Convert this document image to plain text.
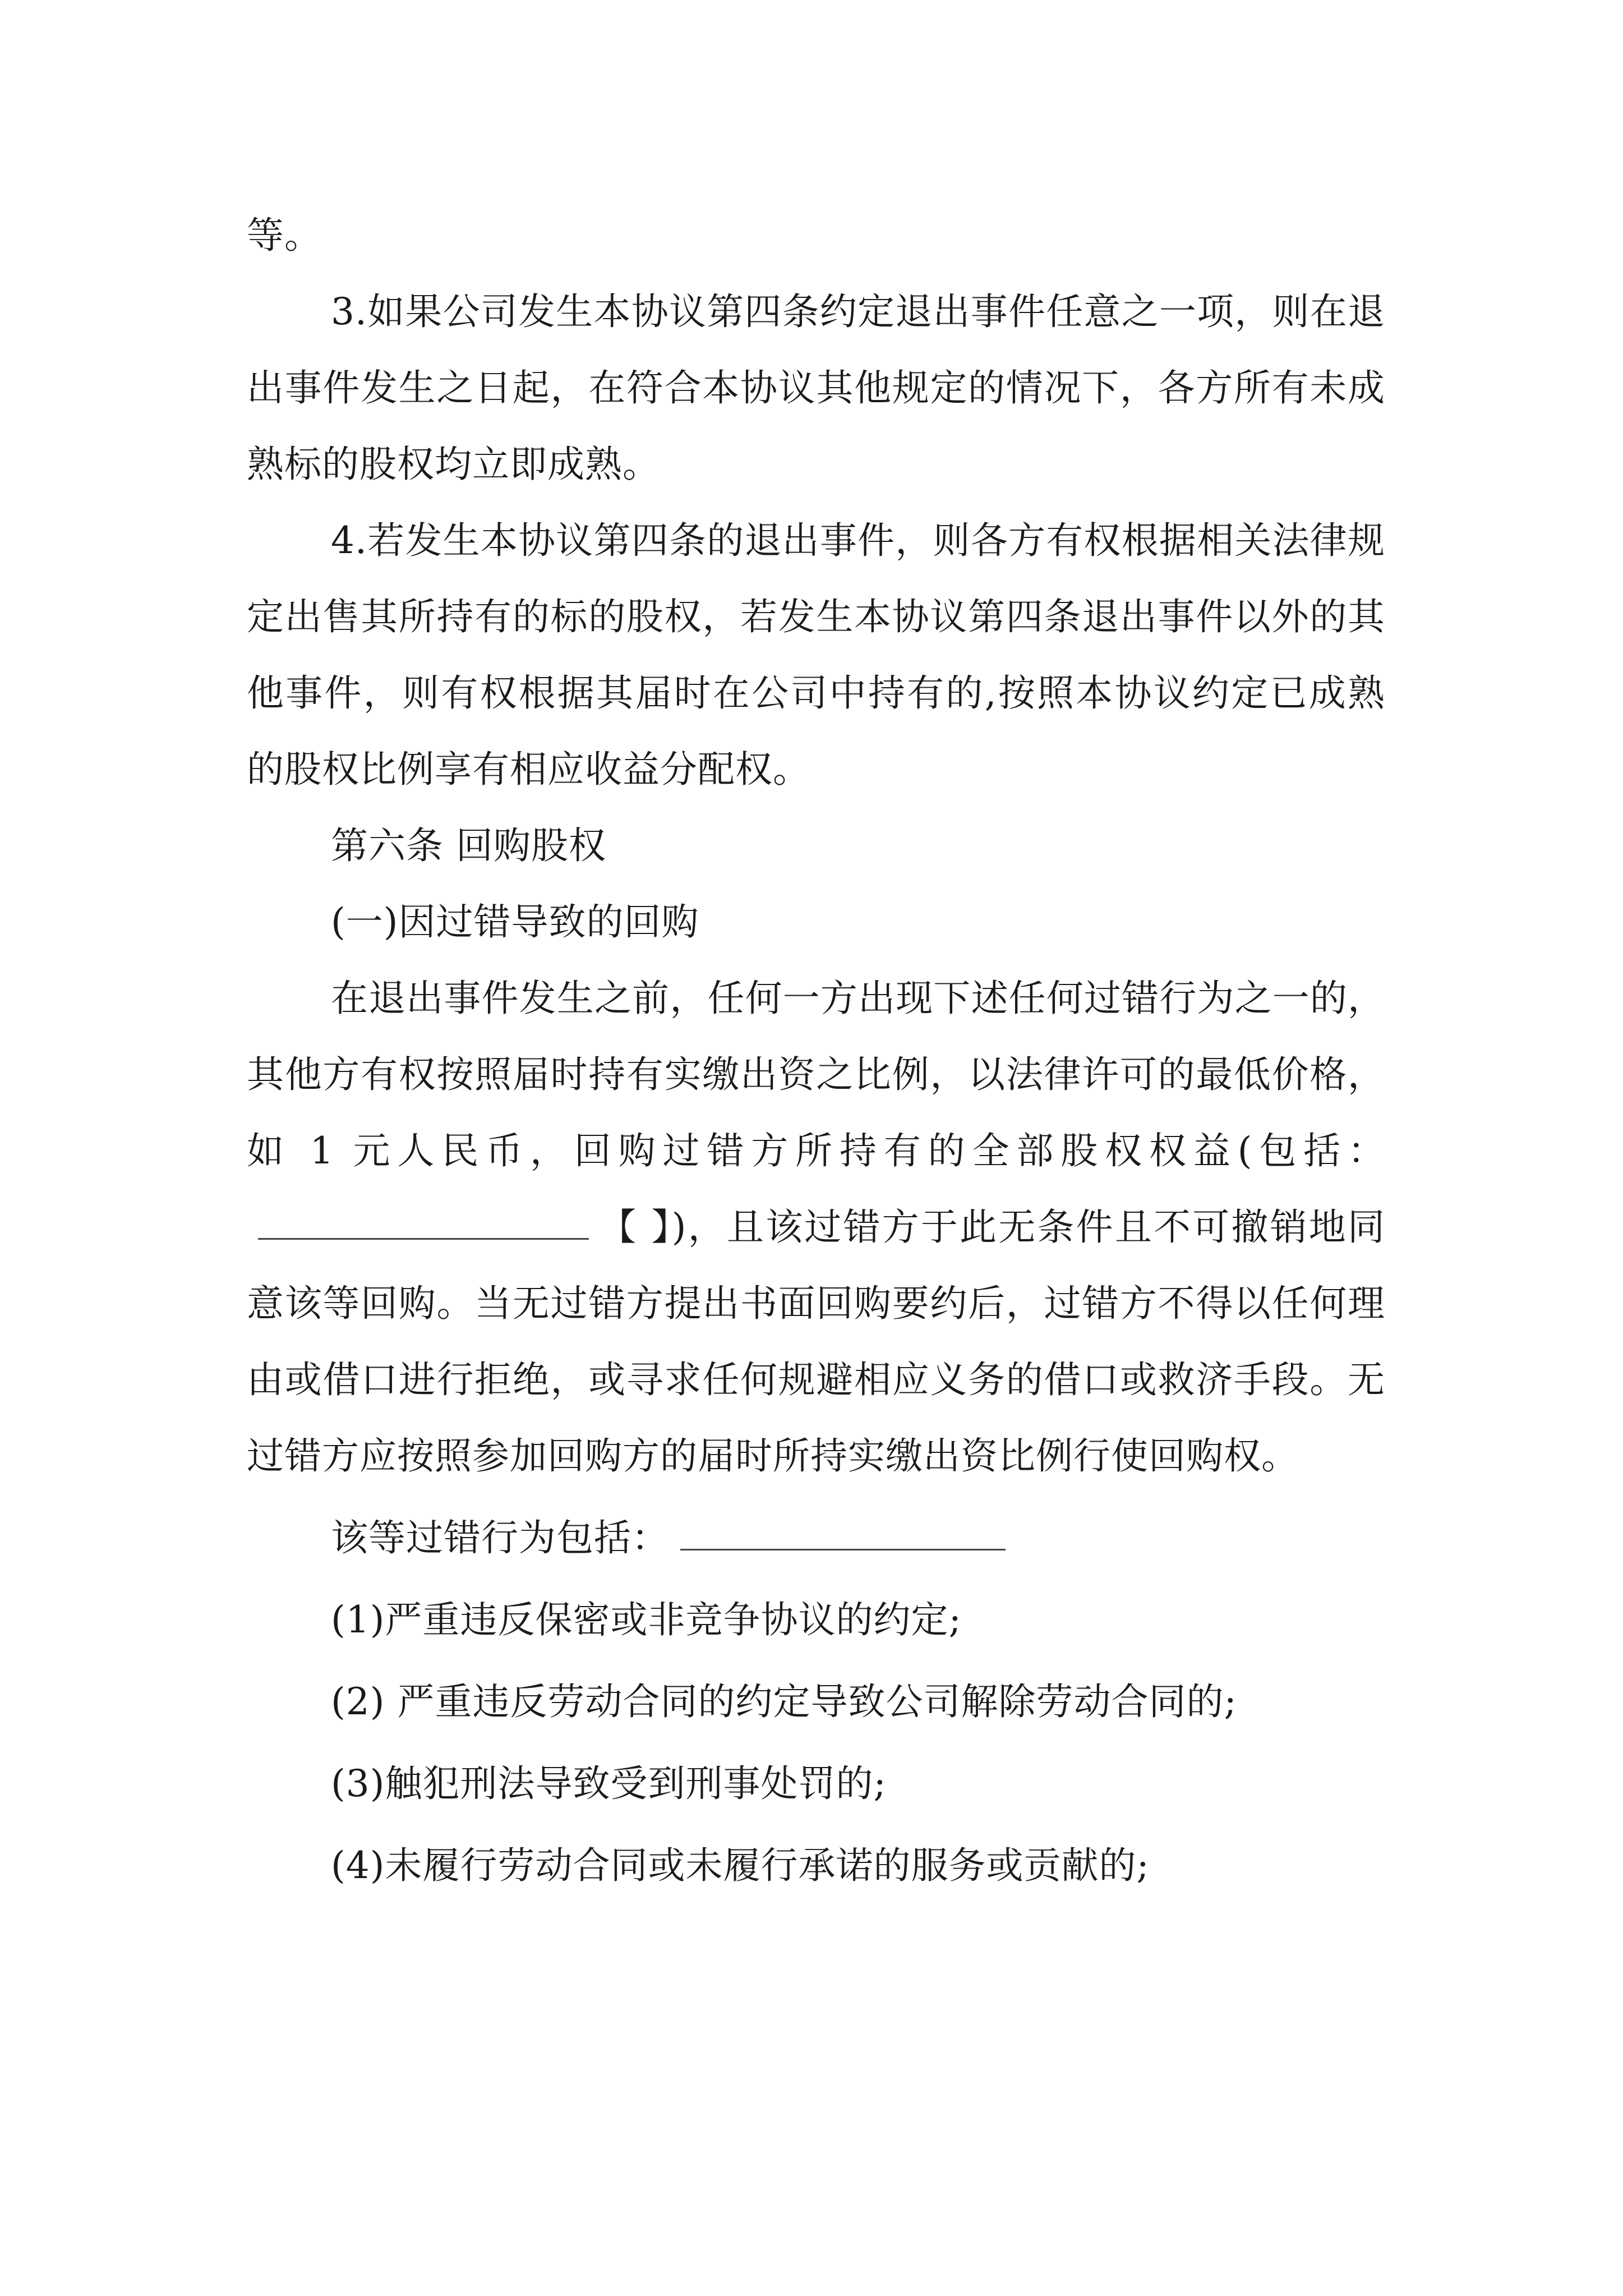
等。

3.如果公司发生本协议第四条约定退出事件任意之一项，则在退出事件发生之日起，在符合本协议其他规定的情况下，各方所有未成熟标的股权均立即成熟。

4.若发生本协议第四条的退出事件，则各方有权根据相关法律规定出售其所持有的标的股权，若发生本协议第四条退出事件以外的其他事件，则有权根据其届时在公司中持有的,按照本协议约定已成熟的股权比例享有相应收益分配权。

第六条 回购股权

(一)因过错导致的回购

在退出事件发生之前，任何一方出现下述任何过错行为之一的，其他方有权按照届时持有实缴出资之比例，以法律许可的最低价格，如 1 元人民币，回购过错方所持有的全部股权权益(包括：【 】)，且该过错方于此无条件且不可撤销地同意该等回购。当无过错方提出书面回购要约后，过错方不得以任何理由或借口进行拒绝，或寻求任何规避相应义务的借口或救济手段。无过错方应按照参加回购方的届时所持实缴出资比例行使回购权。

该等过错行为包括：

(1)严重违反保密或非竞争协议的约定;

(2) 严重违反劳动合同的约定导致公司解除劳动合同的;

(3)触犯刑法导致受到刑事处罚的;

(4)未履行劳动合同或未履行承诺的服务或贡献的;
